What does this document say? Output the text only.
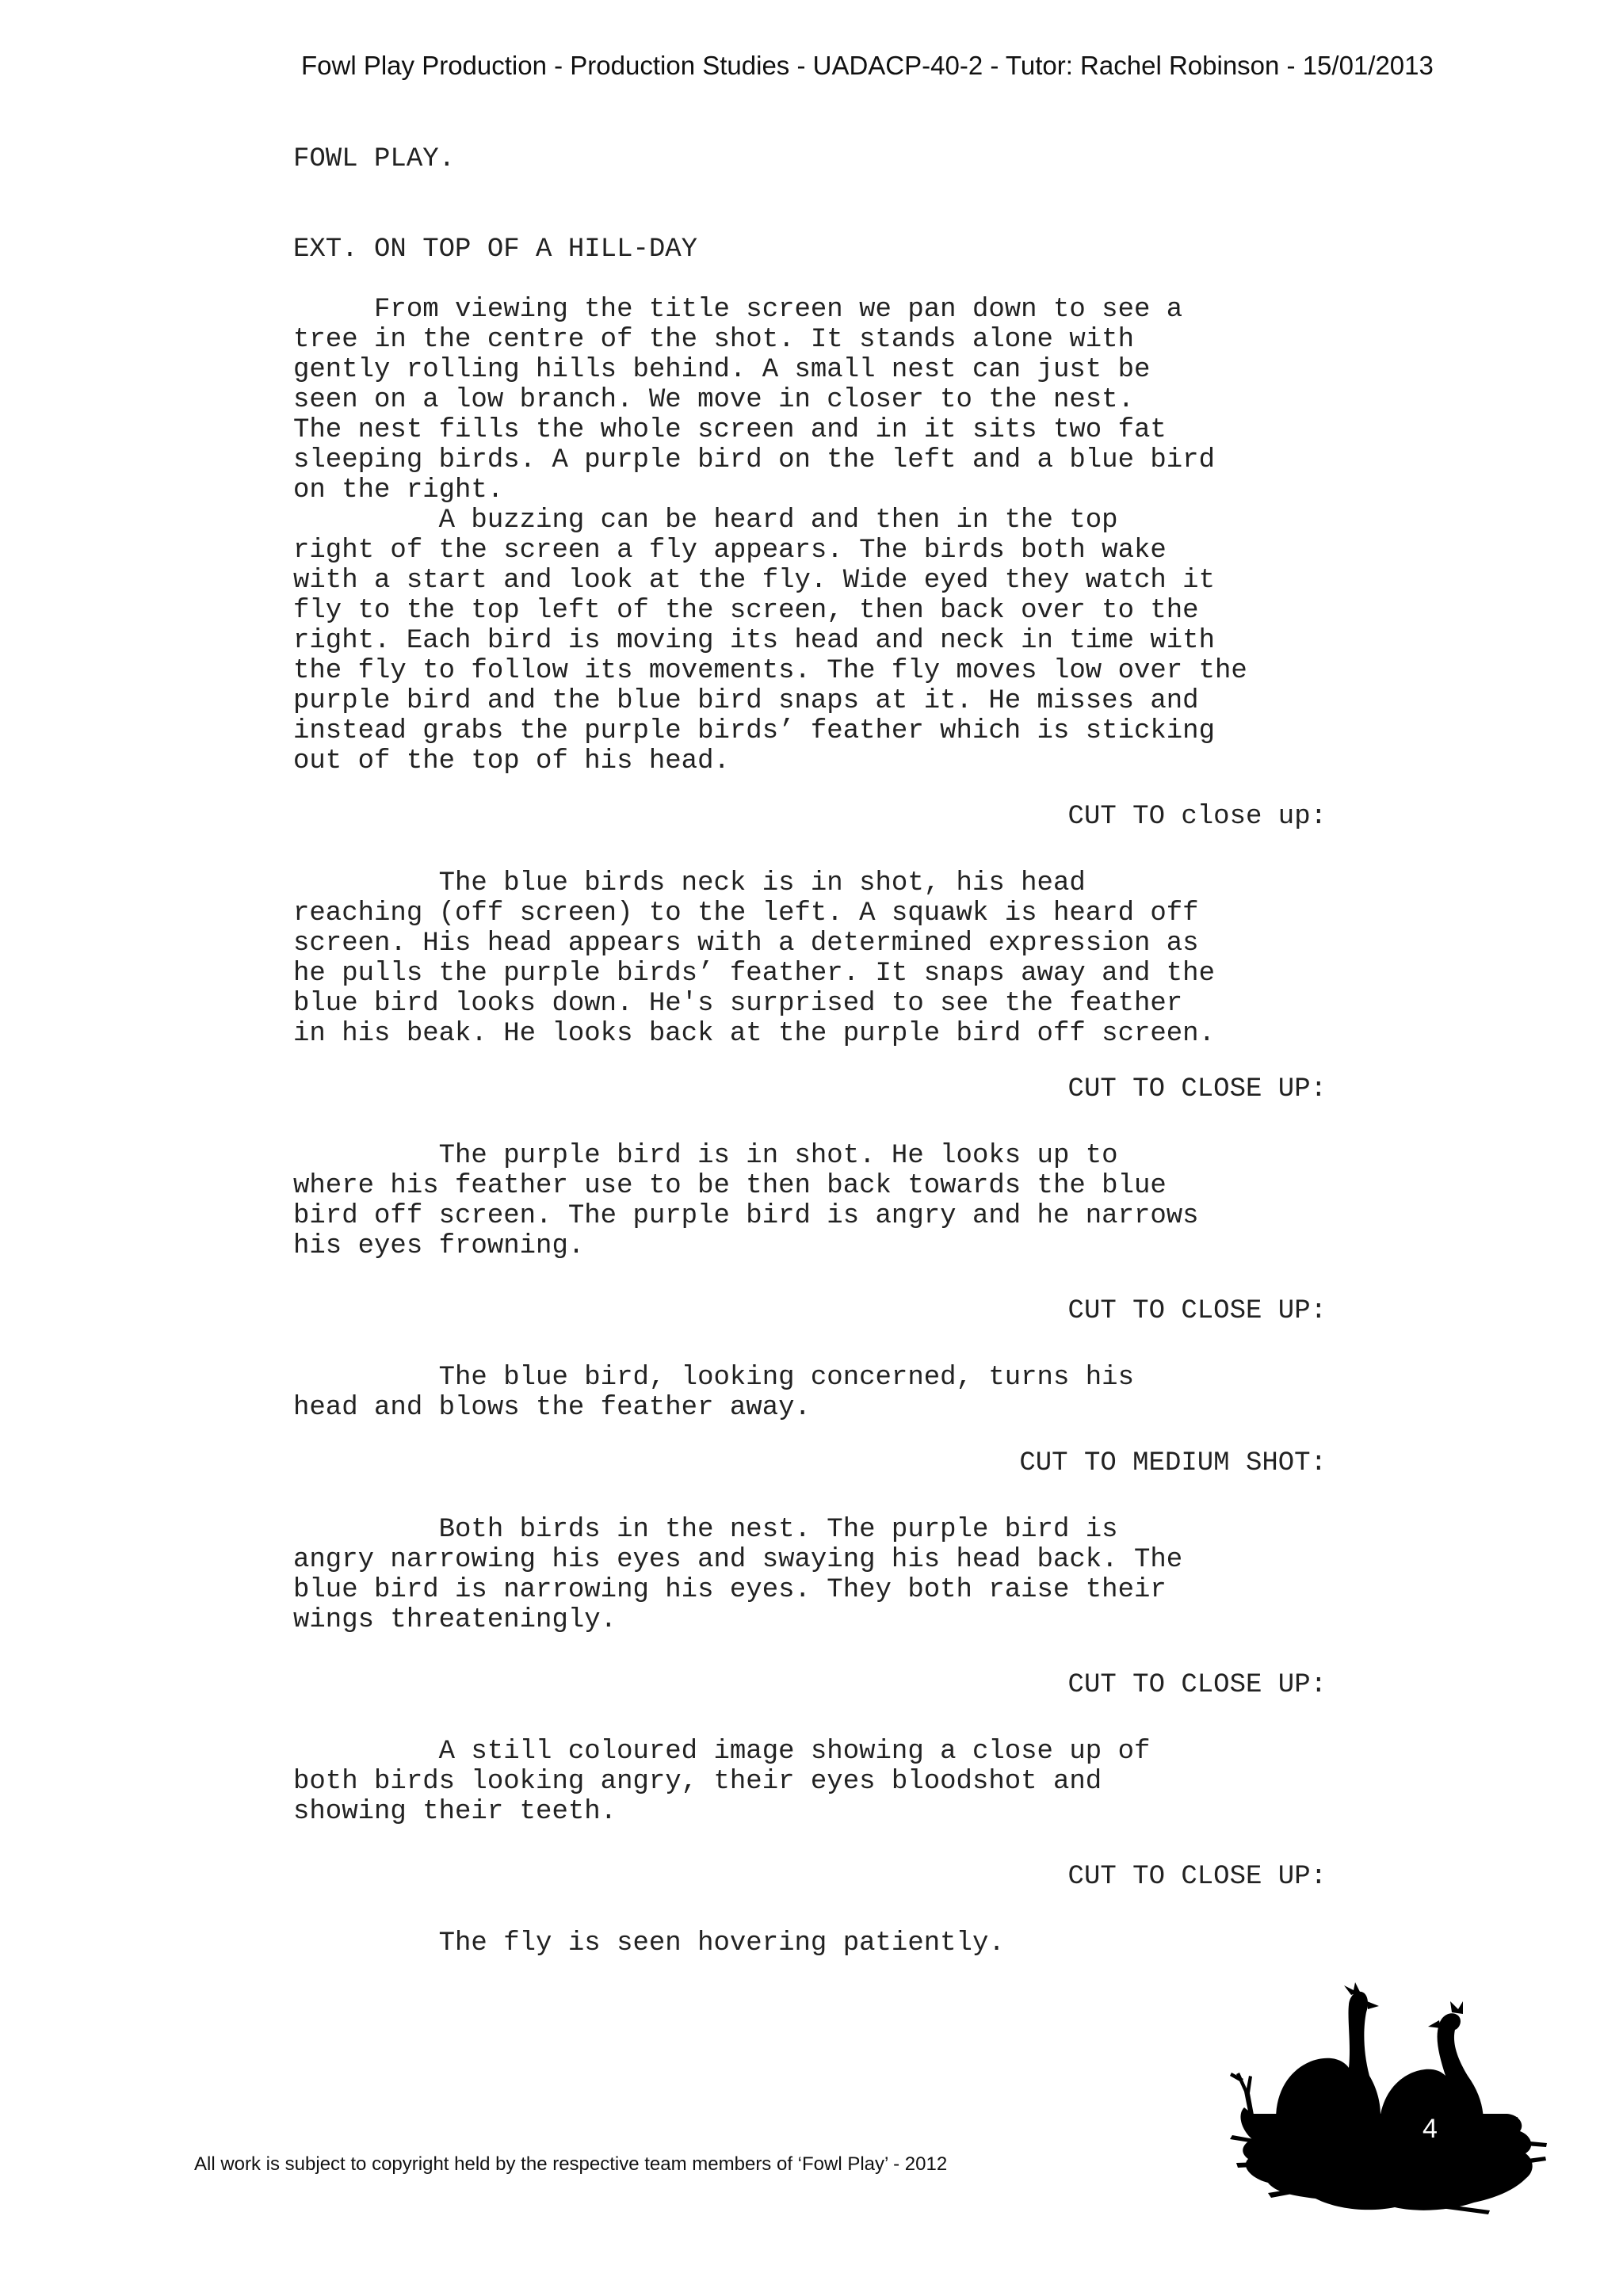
Fowl Play Production - Production Studies - UADACP-40-2 - Tutor: Rachel Robinson - 15/01/2013
FOWL PLAY.
EXT. ON TOP OF A HILL-DAY
From viewing the title screen we pan down to see a
tree in the centre of the shot. It stands alone with
gently rolling hills behind. A small nest can just be
seen on a low branch. We move in closer to the nest.
The nest fills the whole screen and in it sits two fat
sleeping birds. A purple bird on the left and a blue bird
on the right.
A buzzing can be heard and then in the top
right of the screen a fly appears. The birds both wake
with a start and look at the fly. Wide eyed they watch it
fly to the top left of the screen, then back over to the
right. Each bird is moving its head and neck in time with
the fly to follow its movements. The fly moves low over the
purple bird and the blue bird snaps at it. He misses and
instead grabs the purple birds’ feather which is sticking
out of the top of his head.
CUT TO close up:
The blue birds neck is in shot, his head
reaching (off screen) to the left. A squawk is heard off
screen. His head appears with a determined expression as
he pulls the purple birds’ feather. It snaps away and the
blue bird looks down. He's surprised to see the feather
in his beak. He looks back at the purple bird off screen.
CUT TO CLOSE UP:
The purple bird is in shot. He looks up to
where his feather use to be then back towards the blue
bird off screen. The purple bird is angry and he narrows
his eyes frowning.
CUT TO CLOSE UP:
The blue bird, looking concerned, turns his
head and blows the feather away.
CUT TO MEDIUM SHOT:
Both birds in the nest. The purple bird is
angry narrowing his eyes and swaying his head back. The
blue bird is narrowing his eyes. They both raise their
wings threateningly.
CUT TO CLOSE UP:
A still coloured image showing a close up of
both birds looking angry, their eyes bloodshot and
showing their teeth.
CUT TO CLOSE UP:
The fly is seen hovering patiently.
All work is subject to copyright held by the respective team members of ‘Fowl Play’ - 2012
4
